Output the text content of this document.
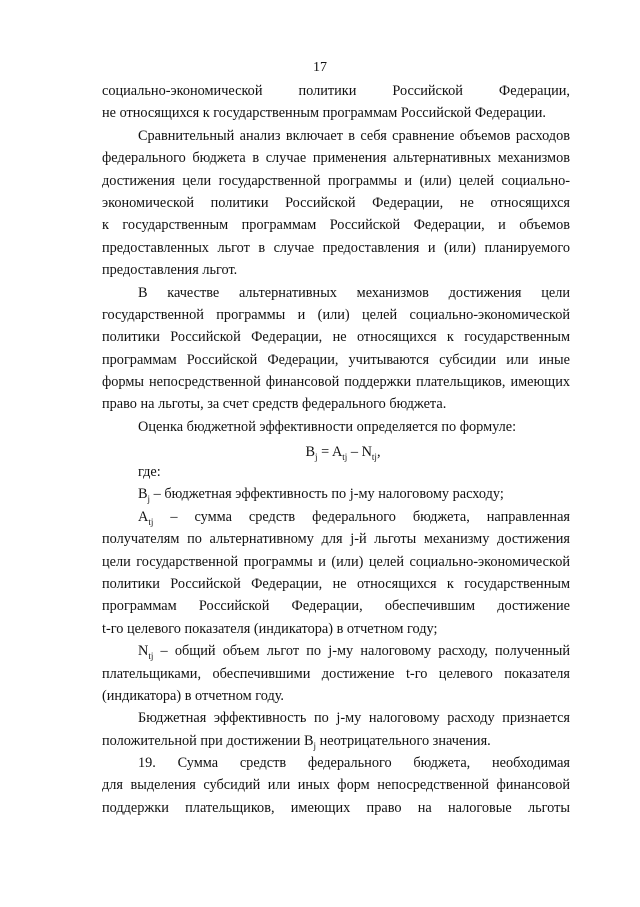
17
социально-экономической политики Российской Федерации,
не относящихся к государственным программам Российской Федерации.
Сравнительный анализ включает в себя сравнение объемов расходов
федерального бюджета в случае применения альтернативных механизмов
достижения цели государственной программы и (или) целей социально-
экономической политики Российской Федерации, не относящихся
к государственным программам Российской Федерации, и объемов
предоставленных льгот в случае предоставления и (или) планируемого
предоставления льгот.
В качестве альтернативных механизмов достижения цели
государственной программы и (или) целей социально-экономической
политики Российской Федерации, не относящихся к государственным
программам Российской Федерации, учитываются субсидии или иные
формы непосредственной финансовой поддержки плательщиков, имеющих
право на льготы, за счет средств федерального бюджета.
Оценка бюджетной эффективности определяется по формуле:
$B_j = A_{tj} - N_{tj}$,
где:
$B_j$ – бюджетная эффективность по j-му налоговому расходу;
$A_{tj}$ – сумма средств федерального бюджета, направленная
получателям по альтернативному для j-й льготы механизму достижения
цели государственной программы и (или) целей социально-экономической
политики Российской Федерации, не относящихся к государственным
программам Российской Федерации, обеспечившим достижение
t-го целевого показателя (индикатора) в отчетном году;
$N_{tj}$ – общий объем льгот по j-му налоговому расходу, полученный
плательщиками, обеспечившими достижение t-го целевого показателя
(индикатора) в отчетном году.
Бюджетная эффективность по j-му налоговому расходу признается
положительной при достижении $B_j$ неотрицательного значения.
19. Сумма средств федерального бюджета, необходимая
для выделения субсидий или иных форм непосредственной финансовой
поддержки плательщиков, имеющих право на налоговые льготы
